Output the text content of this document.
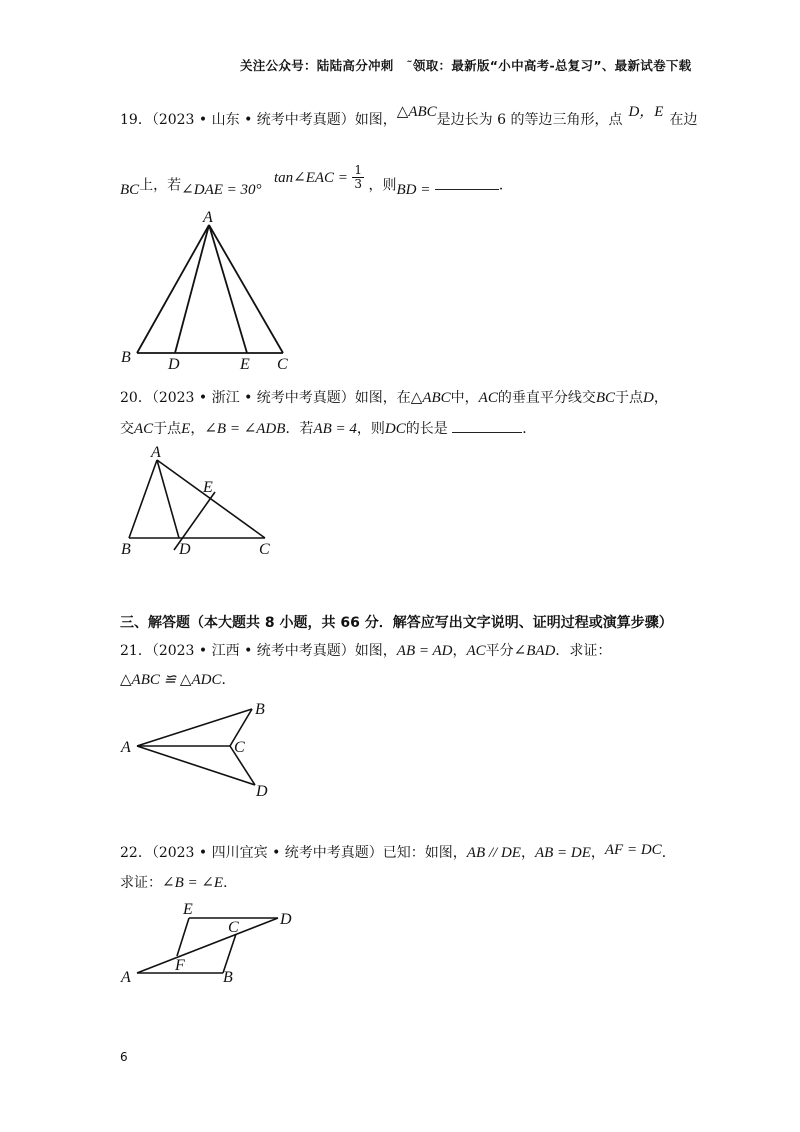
关注公众号：陆陆高分冲刺　˜领取：最新版“小中高考-总复习”、最新试卷下载
19．（2023 • 山东 • 统考中考真题）如图，△ABC是边长为 6 的等边三角形，点 D，E 在边
BC上，若∠DAE = 30° tan∠EAC = $\frac{1}{3}$ ，则BD =	．
A
B D	E C
20．（2023 • 浙江 • 统考中考真题）如图，在△ABC中，AC的垂直平分线交BC于点D，
交AC于点E，∠B = ∠ADB．若AB = 4，则DC的长是	．
A
E
B	D	C
三、解答题（本大题共 8 小题，共 66 分．解答应写出文字说明、证明过程或演算步骤）
21．（2023 • 江西 • 统考中考真题）如图，AB = AD，AC平分∠BAD．求证：
△ABC ≌ △ADC．
A
B
C
D
22．（2023 • 四川宜宾 • 统考中考真题）已知：如图，AB // DE，AB = DE，AF = DC．
求证：∠B = ∠E．
E
D
C
F
A	B
6
